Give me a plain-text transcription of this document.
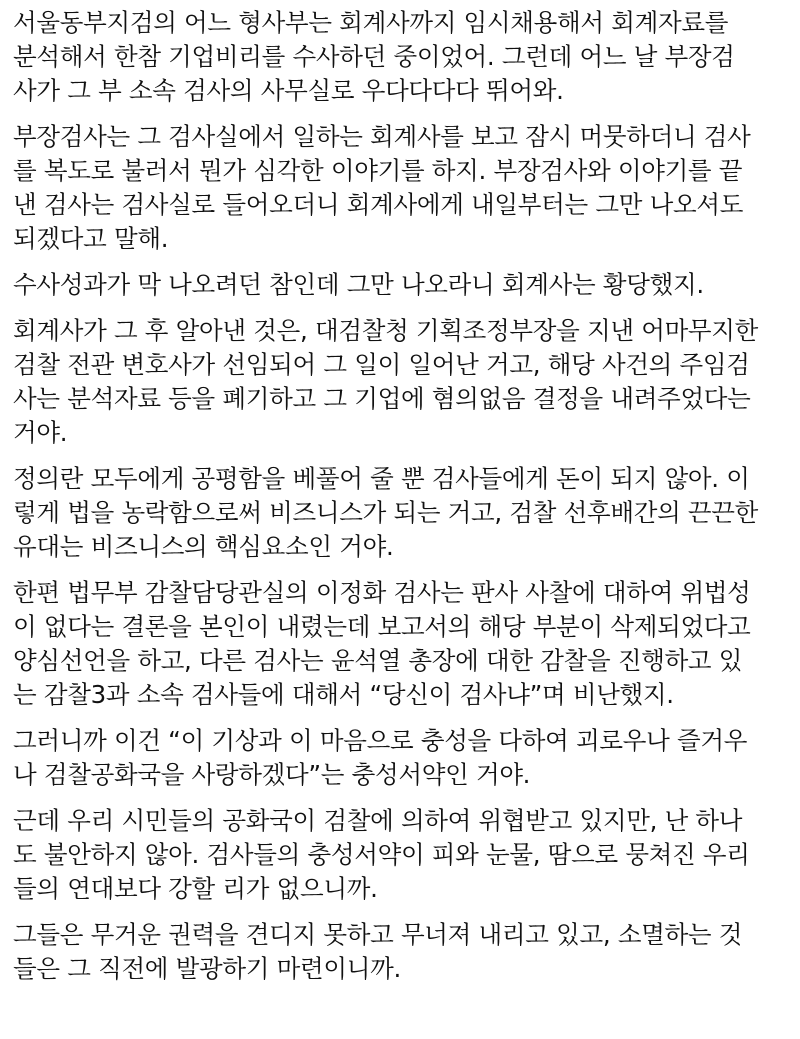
서울동부지검의 어느 형사부는 회계사까지 임시채용해서 회계자료를
분석해서 한참 기업비리를 수사하던 중이었어. 그런데 어느 날 부장검
사가 그 부 소속 검사의 사무실로 우다다다다 뛰어와.

부장검사는 그 검사실에서 일하는 회계사를 보고 잠시 머뭇하더니 검사
를 복도로 불러서 뭔가 심각한 이야기를 하지. 부장검사와 이야기를 끝
낸 검사는 검사실로 들어오더니 회계사에게 내일부터는 그만 나오셔도
되겠다고 말해.

수사성과가 막 나오려던 참인데 그만 나오라니 회계사는 황당했지.

회계사가 그 후 알아낸 것은, 대검찰청 기획조정부장을 지낸 어마무지한
검찰 전관 변호사가 선임되어 그 일이 일어난 거고, 해당 사건의 주임검
사는 분석자료 등을 폐기하고 그 기업에 혐의없음 결정을 내려주었다는
거야.

정의란 모두에게 공평함을 베풀어 줄 뿐 검사들에게 돈이 되지 않아. 이
렇게 법을 농락함으로써 비즈니스가 되는 거고, 검찰 선후배간의 끈끈한
유대는 비즈니스의 핵심요소인 거야.

한편 법무부 감찰담당관실의 이정화 검사는 판사 사찰에 대하여 위법성
이 없다는 결론을 본인이 내렸는데 보고서의 해당 부분이 삭제되었다고
양심선언을 하고, 다른 검사는 윤석열 총장에 대한 감찰을 진행하고 있
는 감찰3과 소속 검사들에 대해서 “당신이 검사냐”며 비난했지.

그러니까 이건 “이 기상과 이 마음으로 충성을 다하여 괴로우나 즐거우
나 검찰공화국을 사랑하겠다”는 충성서약인 거야.

근데 우리 시민들의 공화국이 검찰에 의하여 위협받고 있지만, 난 하나
도 불안하지 않아. 검사들의 충성서약이 피와 눈물, 땀으로 뭉쳐진 우리
들의 연대보다 강할 리가 없으니까.

그들은 무거운 권력을 견디지 못하고 무너져 내리고 있고, 소멸하는 것
들은 그 직전에 발광하기 마련이니까.
